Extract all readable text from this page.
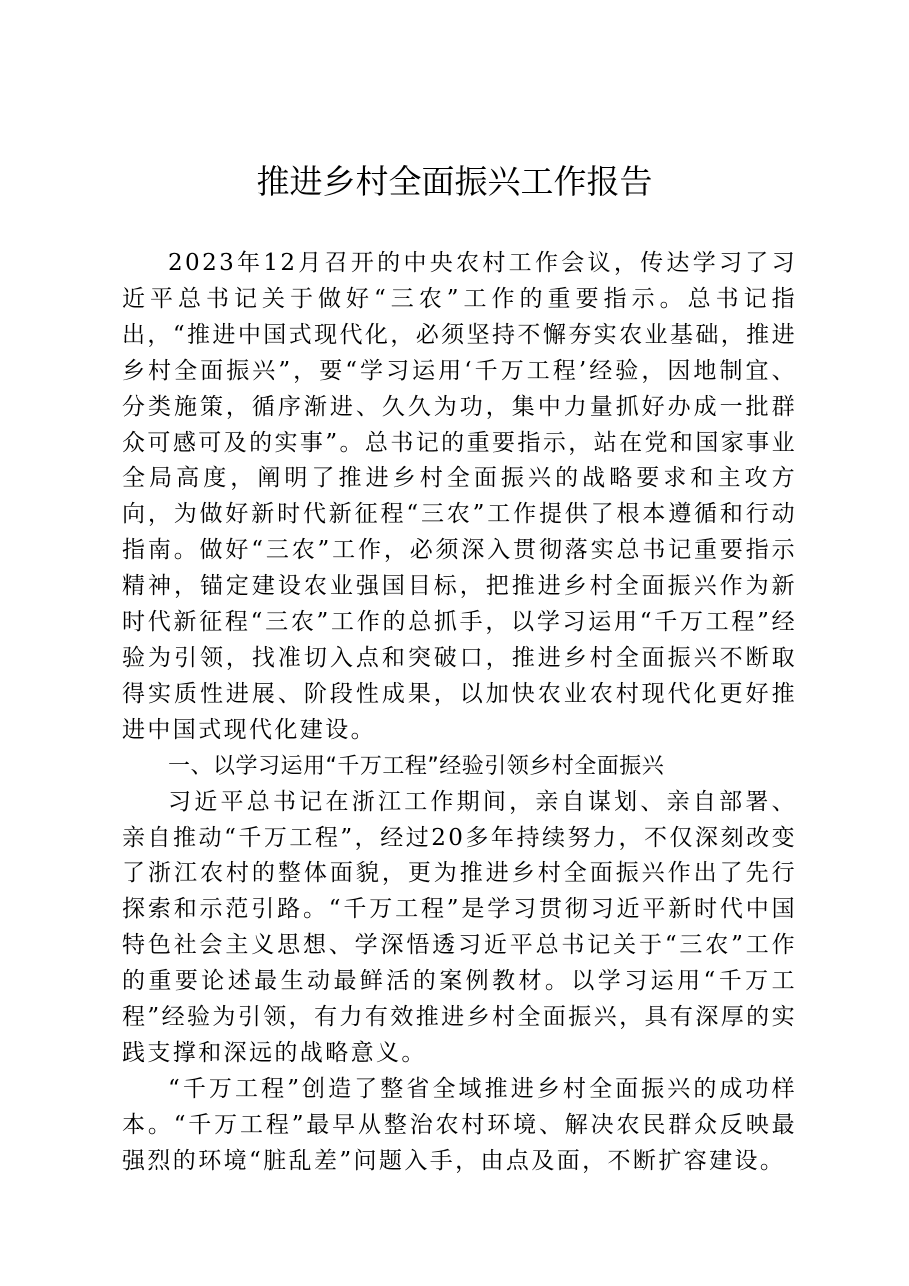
推进乡村全面振兴工作报告

2023年12月召开的中央农村工作会议，传达学习了习近平总书记关于做好“三农”工作的重要指示。总书记指出，“推进中国式现代化，必须坚持不懈夯实农业基础，推进乡村全面振兴”，要“学习运用‘千万工程’经验，因地制宜、分类施策，循序渐进、久久为功，集中力量抓好办成一批群众可感可及的实事”。总书记的重要指示，站在党和国家事业全局高度，阐明了推进乡村全面振兴的战略要求和主攻方向，为做好新时代新征程“三农”工作提供了根本遵循和行动指南。做好“三农”工作，必须深入贯彻落实总书记重要指示精神，锚定建设农业强国目标，把推进乡村全面振兴作为新时代新征程“三农”工作的总抓手，以学习运用“千万工程”经验为引领，找准切入点和突破口，推进乡村全面振兴不断取得实质性进展、阶段性成果，以加快农业农村现代化更好推进中国式现代化建设。

一、以学习运用“千万工程”经验引领乡村全面振兴

习近平总书记在浙江工作期间，亲自谋划、亲自部署、亲自推动“千万工程”，经过20多年持续努力，不仅深刻改变了浙江农村的整体面貌，更为推进乡村全面振兴作出了先行探索和示范引路。“千万工程”是学习贯彻习近平新时代中国特色社会主义思想、学深悟透习近平总书记关于“三农”工作的重要论述最生动最鲜活的案例教材。以学习运用“千万工程”经验为引领，有力有效推进乡村全面振兴，具有深厚的实践支撑和深远的战略意义。

“千万工程”创造了整省全域推进乡村全面振兴的成功样本。“千万工程”最早从整治农村环境、解决农民群众反映最强烈的环境“脏乱差”问题入手，由点及面，不断扩容建设。
